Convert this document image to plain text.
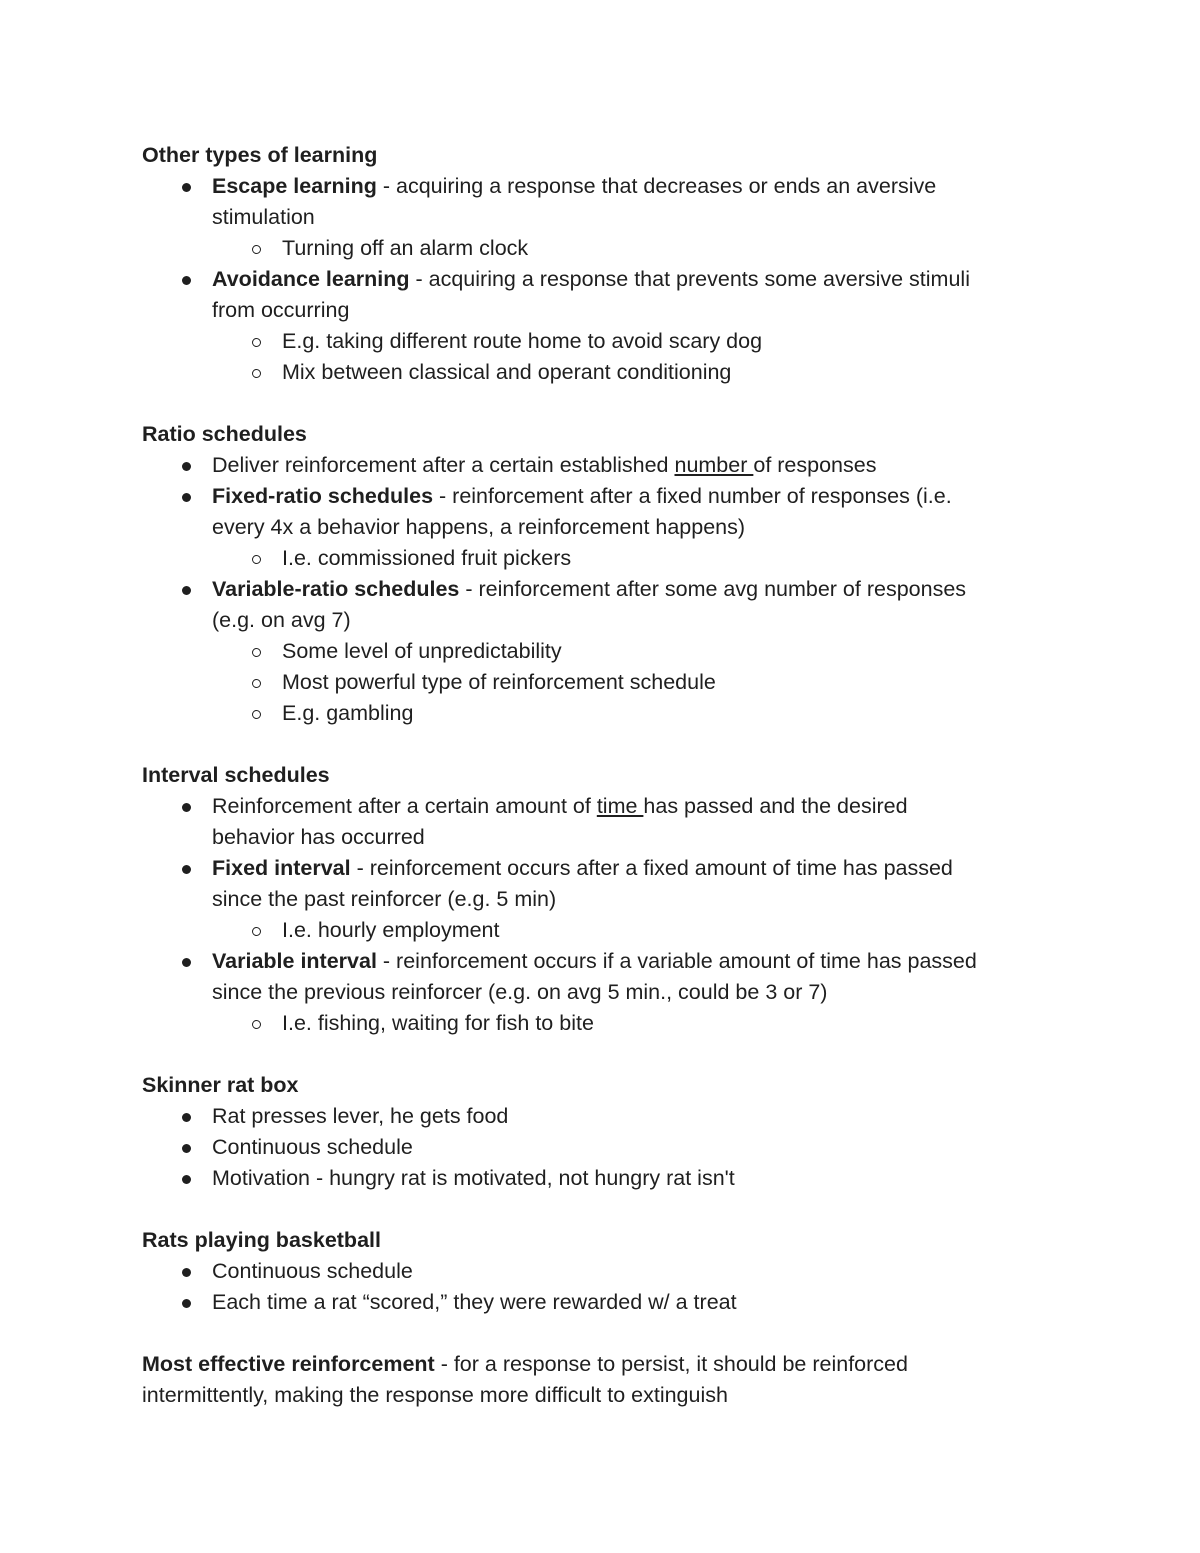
Other types of learning
Escape learning - acquiring a response that decreases or ends an aversive
stimulation
Turning off an alarm clock
Avoidance learning - acquiring a response that prevents some aversive stimuli
from occurring
E.g. taking different route home to avoid scary dog
Mix between classical and operant conditioning
Ratio schedules
Deliver reinforcement after a certain established number of responses
Fixed-ratio schedules - reinforcement after a fixed number of responses (i.e.
every 4x a behavior happens, a reinforcement happens)
I.e. commissioned fruit pickers
Variable-ratio schedules - reinforcement after some avg number of responses
(e.g. on avg 7)
Some level of unpredictability
Most powerful type of reinforcement schedule
E.g. gambling
Interval schedules
Reinforcement after a certain amount of time has passed and the desired
behavior has occurred
Fixed interval - reinforcement occurs after a fixed amount of time has passed
since the past reinforcer (e.g. 5 min)
I.e. hourly employment
Variable interval - reinforcement occurs if a variable amount of time has passed
since the previous reinforcer (e.g. on avg 5 min., could be 3 or 7)
I.e. fishing, waiting for fish to bite
Skinner rat box
Rat presses lever, he gets food
Continuous schedule
Motivation - hungry rat is motivated, not hungry rat isn't
Rats playing basketball
Continuous schedule
Each time a rat “scored,” they were rewarded w/ a treat
Most effective reinforcement - for a response to persist, it should be reinforced
intermittently, making the response more difficult to extinguish
